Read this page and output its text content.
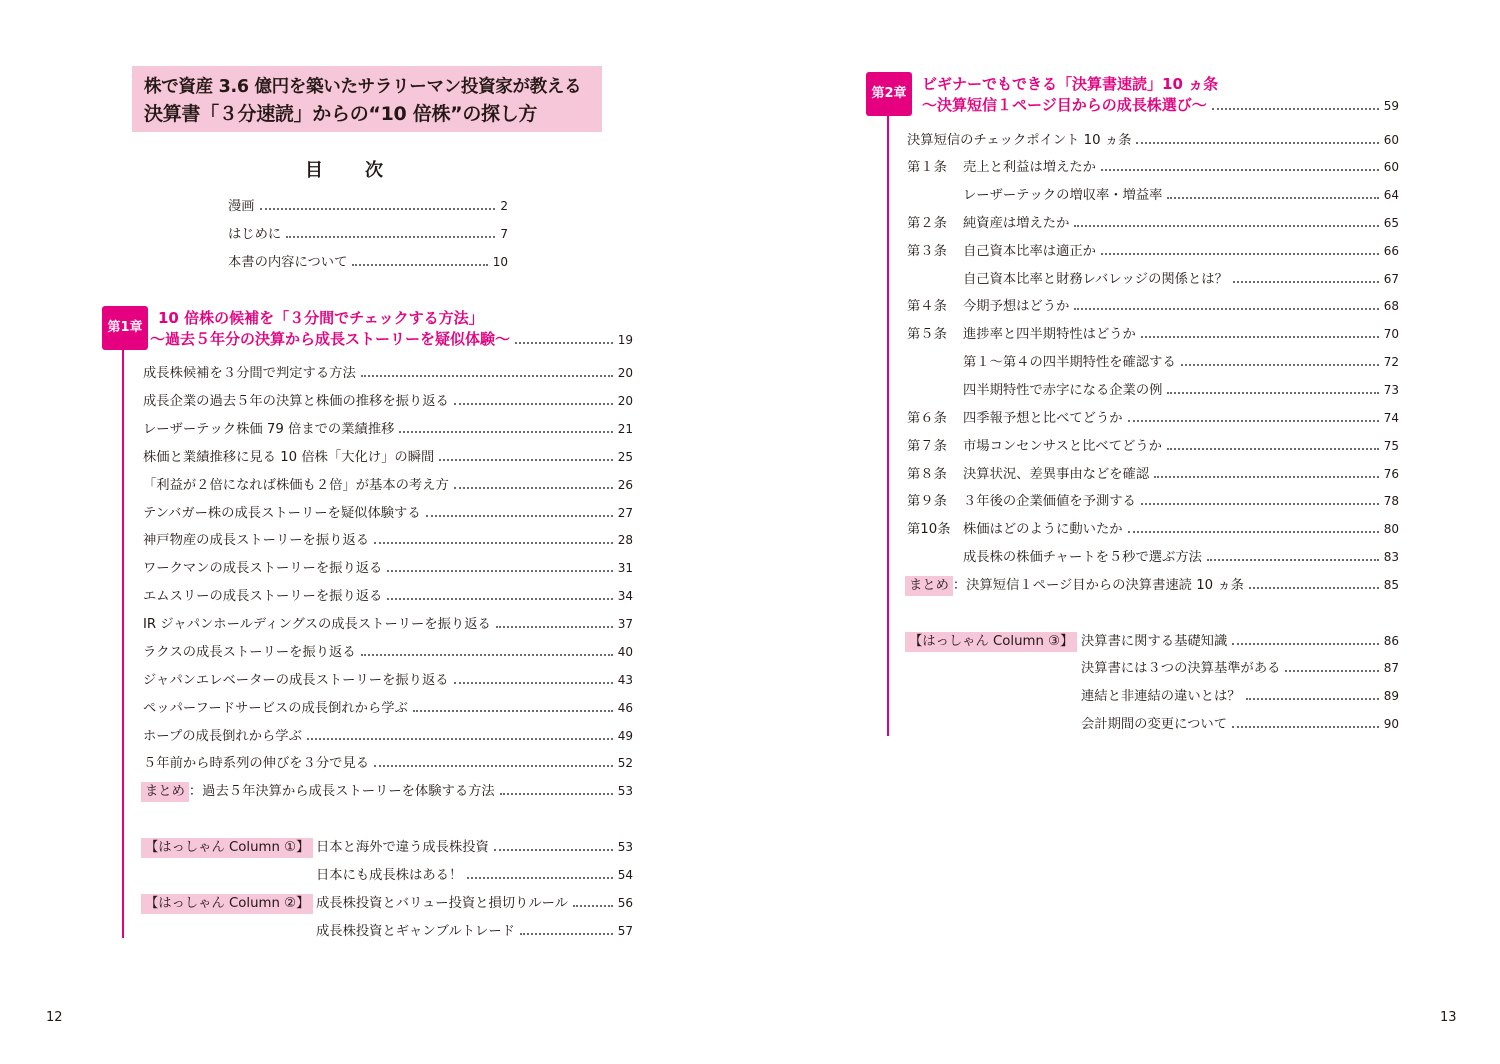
株で資産 3.6 億円を築いたサラリーマン投資家が教える
決算書「３分速読」からの“10 倍株”の探し方
目　次
漫画	2
はじめに	7
本書の内容について	10
第1章
10 倍株の候補を「３分間でチェックする方法」
〜過去５年分の決算から成長ストーリーを疑似体験〜	19
成長株候補を３分間で判定する方法	20
成長企業の過去５年の決算と株価の推移を振り返る	20
レーザーテック株価 79 倍までの業績推移	21
株価と業績推移に見る 10 倍株「大化け」の瞬間	25
「利益が２倍になれば株価も２倍」が基本の考え方	26
テンバガー株の成長ストーリーを疑似体験する	27
神戸物産の成長ストーリーを振り返る	28
ワークマンの成長ストーリーを振り返る	31
エムスリーの成長ストーリーを振り返る	34
IR ジャパンホールディングスの成長ストーリーを振り返る	37
ラクスの成長ストーリーを振り返る	40
ジャパンエレベーターの成長ストーリーを振り返る	43
ペッパーフードサービスの成長倒れから学ぶ	46
ホープの成長倒れから学ぶ	49
５年前から時系列の伸びを３分で見る	52
まとめ ：過去５年決算から成長ストーリーを体験する方法	53
【はっしゃん Column ①】 日本と海外で違う成長株投資	53
日本にも成長株はある！	54
【はっしゃん Column ②】 成長株投資とバリュー投資と損切りルール	56
成長株投資とギャンブルトレード	57
第2章
ビギナーでもできる「決算書速読」10 ヵ条
〜決算短信１ページ目からの成長株選び〜	59
決算短信のチェックポイント 10 ヵ条	60
第１条	売上と利益は増えたか	60
レーザーテックの増収率・増益率	64
第２条	純資産は増えたか	65
第３条	自己資本比率は適正か	66
自己資本比率と財務レバレッジの関係とは？	67
第４条	今期予想はどうか	68
第５条	進捗率と四半期特性はどうか	70
第１～第４の四半期特性を確認する	72
四半期特性で赤字になる企業の例	73
第６条	四季報予想と比べてどうか	74
第７条	市場コンセンサスと比べてどうか	75
第８条	決算状況、差異事由などを確認	76
第９条	３年後の企業価値を予測する	78
第10条 株価はどのように動いたか	80
成長株の株価チャートを５秒で選ぶ方法	83
まとめ ：決算短信１ページ目からの決算書速読 10 ヵ条	85
【はっしゃん Column ③】 決算書に関する基礎知識	86
決算書には３つの決算基準がある	87
連結と非連結の違いとは？	89
会計期間の変更について	90
12	13
